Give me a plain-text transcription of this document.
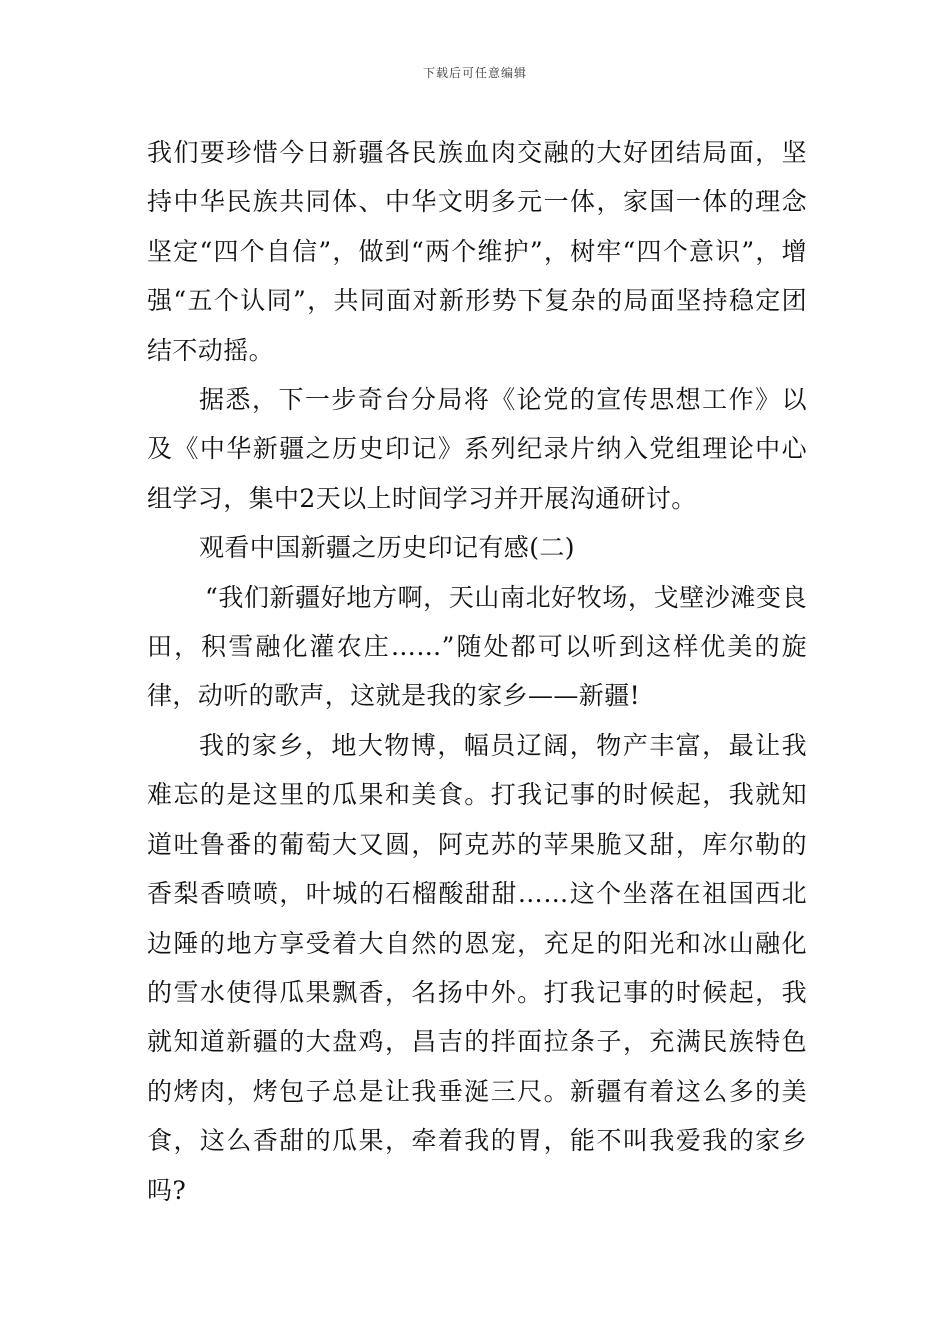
下载后可任意编辑

我们要珍惜今日新疆各民族血肉交融的大好团结局面，坚持中华民族共同体、中华文明多元一体，家国一体的理念坚定“四个自信”，做到“两个维护”，树牢“四个意识”，增强“五个认同”，共同面对新形势下复杂的局面坚持稳定团结不动摇。

据悉，下一步奇台分局将《论党的宣传思想工作》以及《中华新疆之历史印记》系列纪录片纳入党组理论中心组学习，集中2天以上时间学习并开展沟通研讨。

观看中国新疆之历史印记有感(二)

“我们新疆好地方啊，天山南北好牧场，戈壁沙滩变良田，积雪融化灌农庄……”随处都可以听到这样优美的旋律，动听的歌声，这就是我的家乡——新疆!

我的家乡，地大物博，幅员辽阔，物产丰富，最让我难忘的是这里的瓜果和美食。打我记事的时候起，我就知道吐鲁番的葡萄大又圆，阿克苏的苹果脆又甜，库尔勒的香梨香喷喷，叶城的石榴酸甜甜……这个坐落在祖国西北边陲的地方享受着大自然的恩宠，充足的阳光和冰山融化的雪水使得瓜果飘香，名扬中外。打我记事的时候起，我就知道新疆的大盘鸡，昌吉的拌面拉条子，充满民族特色的烤肉，烤包子总是让我垂涎三尺。新疆有着这么多的美食，这么香甜的瓜果，牵着我的胃，能不叫我爱我的家乡吗?
